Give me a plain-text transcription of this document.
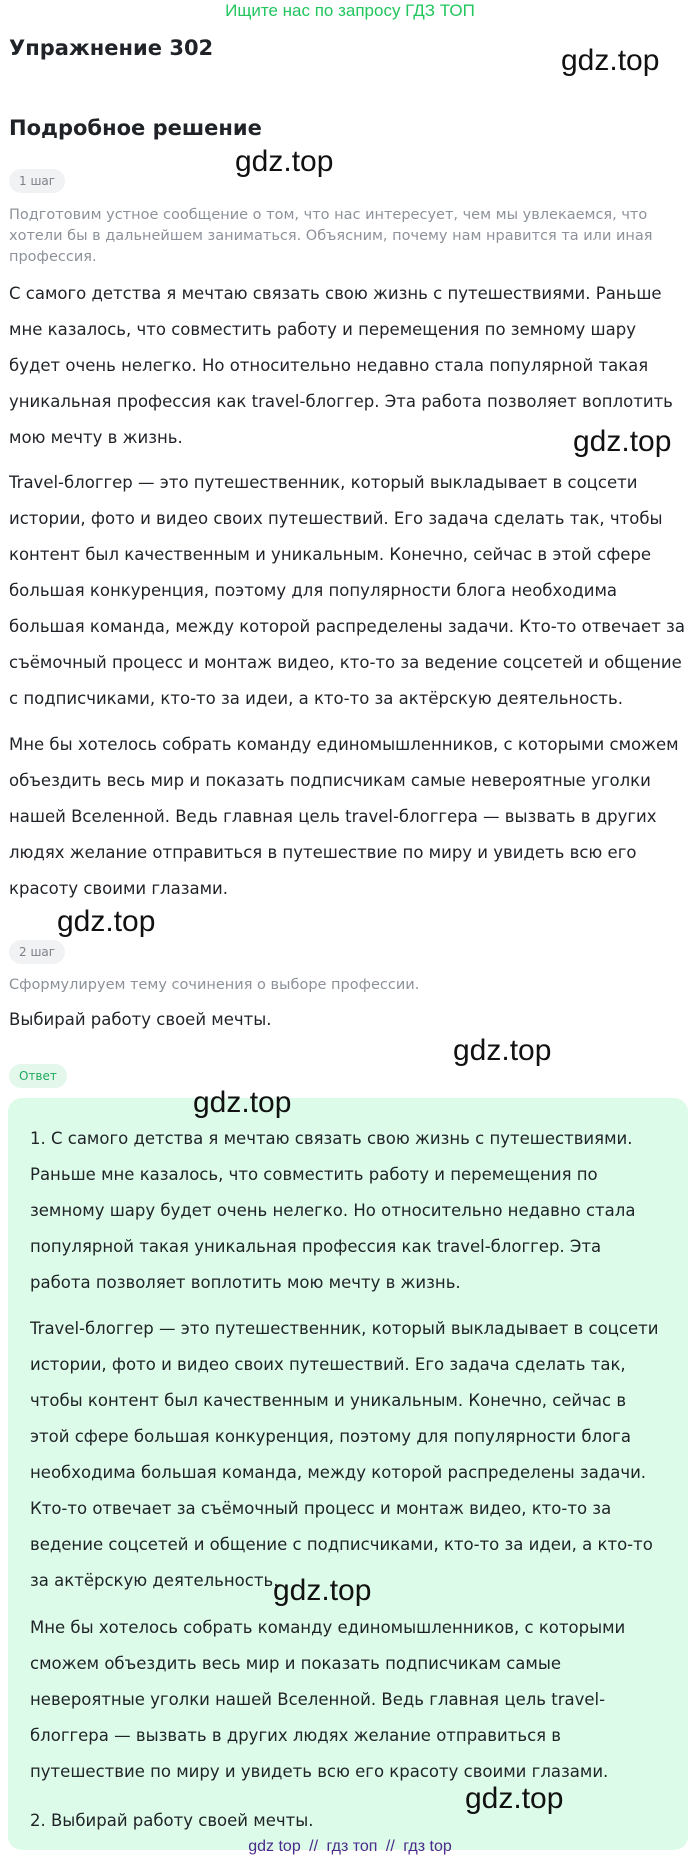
Ищите нас по запросу ГДЗ ТОП
Упражнение 302	gdz.top
Подробное решение
gdz.top
1 шаг
Подготовим устное сообщение о том, что нас интересует, чем мы увлекаемся, что хотели бы в дальнейшем заниматься. Объясним, почему нам нравится та или иная профессия.
С самого детства я мечтаю связать свою жизнь с путешествиями. Раньше мне казалось, что совместить работу и перемещения по земному шару будет очень нелегко. Но относительно недавно стала популярной такая уникальная профессия как travel-блоггер. Эта работа позволяет воплотить мою мечту в жизнь.	gdz.top
Travel-блоггер — это путешественник, который выкладывает в соцсети истории, фото и видео своих путешествий. Его задача сделать так, чтобы контент был качественным и уникальным. Конечно, сейчас в этой сфере большая конкуренция, поэтому для популярности блога необходима большая команда, между которой распределены задачи. Кто-то отвечает за съёмочный процесс и монтаж видео, кто-то за ведение соцсетей и общение с подписчиками, кто-то за идеи, а кто-то за актёрскую деятельность.
Мне бы хотелось собрать команду единомышленников, с которыми сможем объездить весь мир и показать подписчикам самые невероятные уголки нашей Вселенной. Ведь главная цель travel-блоггера — вызвать в других людях желание отправиться в путешествие по миру и увидеть всю его красоту своими глазами.
gdz.top
2 шаг
Сформулируем тему сочинения о выборе профессии.
Выбирай работу своей мечты.
gdz.top
Ответ
1. С самого детства я мечтаю связать свою жизнь с путешествиями. Раньше мне казалось, что совместить работу и перемещения по земному шару будет очень нелегко. Но относительно недавно стала популярной такая уникальная профессия как travel-блоггер. Эта работа позволяет воплотить мою мечту в жизнь.
Travel-блоггер — это путешественник, который выкладывает в соцсети истории, фото и видео своих путешествий. Его задача сделать так, чтобы контент был качественным и уникальным. Конечно, сейчас в этой сфере большая конкуренция, поэтому для популярности блога необходима большая команда, между которой распределены задачи. Кто-то отвечает за съёмочный процесс и монтаж видео, кто-то за ведение соцсетей и общение с подписчиками, кто-то за идеи, а кто-то за актёрскую деятельность.
Мне бы хотелось собрать команду единомышленников, с которыми сможем объездить весь мир и показать подписчикам самые невероятные уголки нашей Вселенной. Ведь главная цель travel-блоггера — вызвать в других людях желание отправиться в путешествие по миру и увидеть всю его красоту своими глазами.
2. Выбирай работу своей мечты.
gdz.top
gdz.top
gdz.top
gdz top // гдз топ // гдз top
